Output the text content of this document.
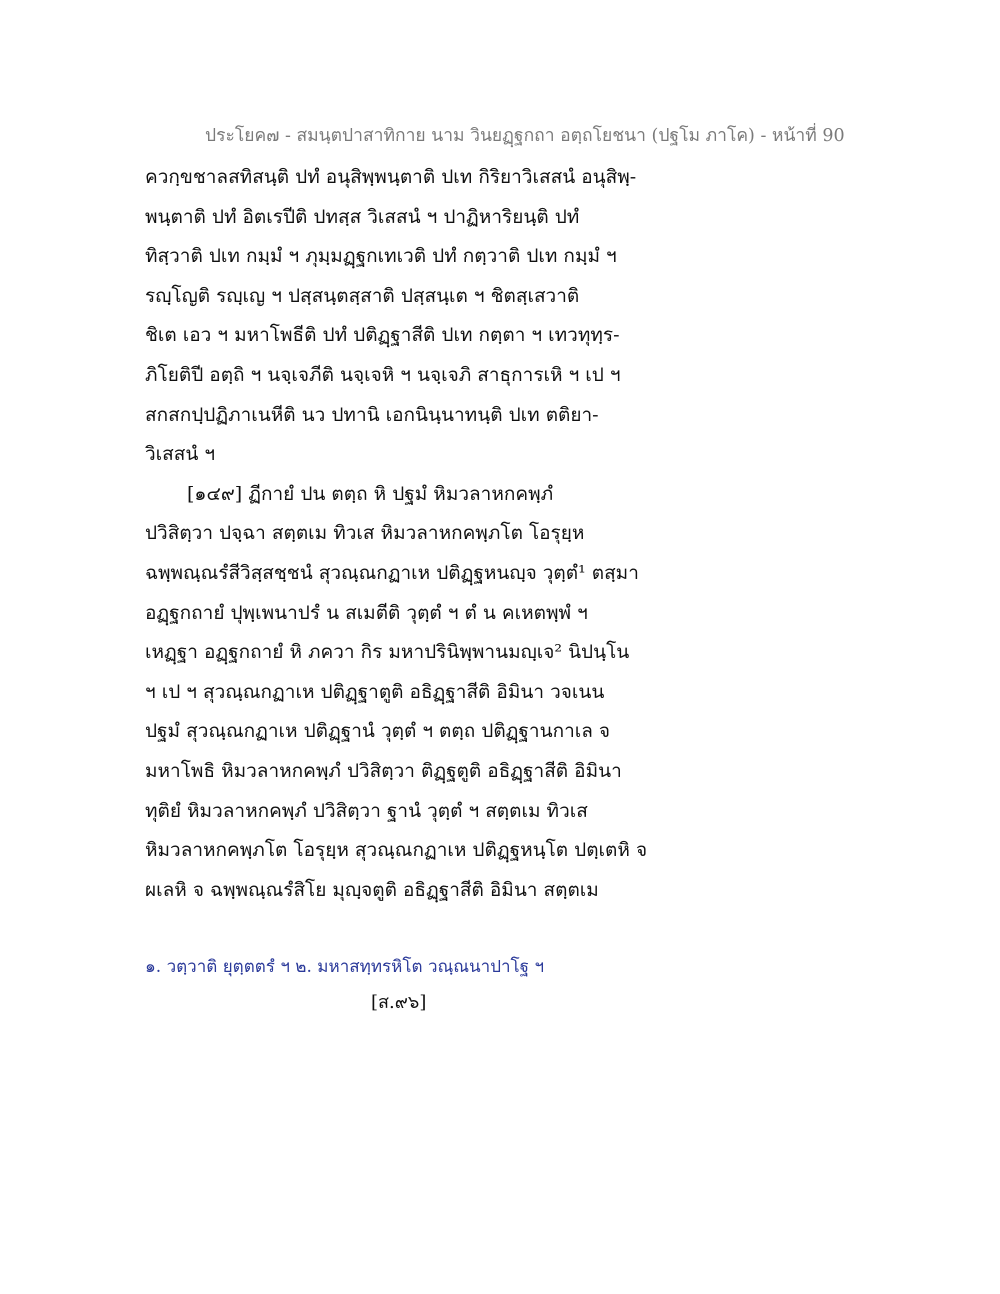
ประโยค๗ - สมนฺตปาสาทิกาย นาม วินยฏฺฐกถา อตฺถโยชนา (ปฐโม ภาโค) - หน้าที่ 90
ควกฺขชาลสทิสนฺติ ปทํ อนุสิพฺพนฺตาติ ปเท กิริยาวิเสสนํ อนุสิพฺ-
พนฺตาติ ปทํ อิตเรปีติ ปทสฺส วิเสสนํ ฯ ปาฏิหาริยนฺติ ปทํ
ทิสฺวาติ ปเท กมฺมํ ฯ ภุมฺมฏฺฐกเทเวติ ปทํ กตฺวาติ ปเท กมฺมํ ฯ
รญฺโญติ รญฺเญ ฯ ปสฺสนฺตสฺสาติ ปสฺสนฺเต ฯ ชิตสฺเสวาติ
ชิเต เอว ฯ มหาโพธีติ ปทํ ปติฏฺฐาสีติ ปเท กตฺตา ฯ เทวทุทฺร-
ภิโยติปี อตฺถิ ฯ นจฺเจภีติ นจฺเจหิ ฯ นจฺเจภิ สาธุการเหิ ฯ เป ฯ
สกสกปฺปฏิภาเนหีติ นว ปทานิ เอกนินฺนาทนฺติ ปเท ตติยา-
วิเสสนํ ฯ
[๑๔๙] ฏีกายํ ปน ตตฺถ หิ ปฐมํ หิมวลาหกคพฺภํ
ปวิสิตฺวา ปจฺฉา สตฺตเม ทิวเส หิมวลาหกคพฺภโต โอรุยฺห
ฉพฺพณฺณรํสีวิสฺสชฺชนํ สุวณฺณกฏาเห ปติฏฺฐหนญฺจ วุตฺตํ¹ ตสฺมา
อฏฺฐกถายํ ปุพฺเพนาปรํ น สเมตีติ วุตฺตํ ฯ ตํ น คเหตพฺพํ ฯ
เหฏฺฐา อฏฺฐกถายํ หิ ภควา กิร มหาปรินิพฺพานมญฺเจ² นิปนฺโน
ฯ เป ฯ สุวณฺณกฏาเห ปติฏฺฐาตูติ อธิฏฺฐาสีติ อิมินา วจเนน
ปฐมํ สุวณฺณกฏาเห ปติฏฺฐานํ วุตฺตํ ฯ ตตฺถ ปติฏฺฐานกาเล จ
มหาโพธิ หิมวลาหกคพฺภํ ปวิสิตฺวา ติฏฺฐตูติ อธิฏฺฐาสีติ อิมินา
ทุติยํ หิมวลาหกคพฺภํ ปวิสิตฺวา ฐานํ วุตฺตํ ฯ สตฺตเม ทิวเส
หิมวลาหกคพฺภโต โอรุยฺห สุวณฺณกฏาเห ปติฏฺฐหนฺโต ปตฺเตหิ จ
ผเลหิ จ ฉพฺพณฺณรํสิโย มุญฺจตูติ อธิฏฺฐาสีติ อิมินา สตฺตเม
๑. วตฺวาติ ยุตฺตตรํ ฯ ๒. มหาสทฺทรหิโต วณฺณนาปาโฐ ฯ
[ส.๙๖]
